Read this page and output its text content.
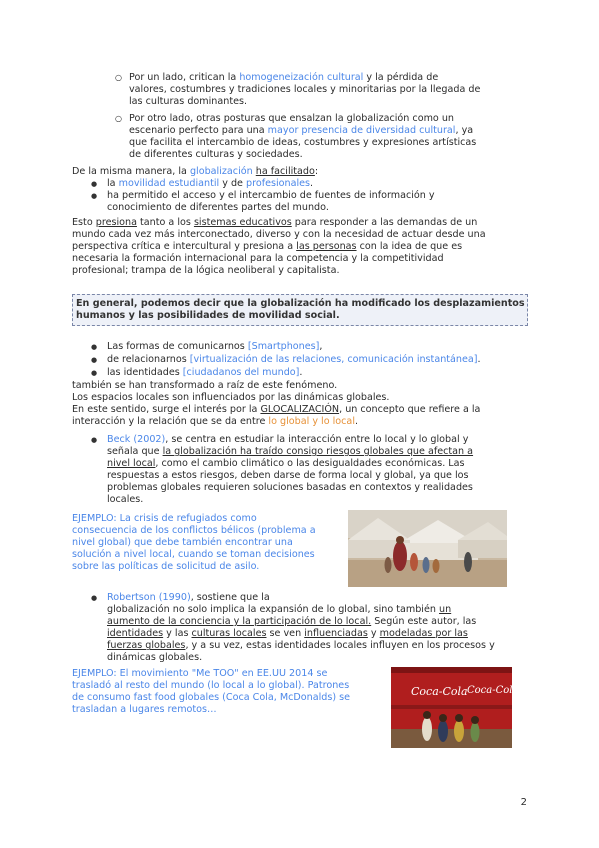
○ Por un lado, critican la homogeneización cultural y la pérdida de
valores, costumbres y tradiciones locales y minoritarias por la llegada de
las culturas dominantes.
○ Por otro lado, otras posturas que ensalzan la globalización como un
escenario perfecto para una mayor presencia de diversidad cultural, ya
que facilita el intercambio de ideas, costumbres y expresiones artísticas
de diferentes culturas y sociedades.
De la misma manera, la globalización ha facilitado:
● la movilidad estudiantil y de profesionales.
● ha permitido el acceso y el intercambio de fuentes de información y
conocimiento de diferentes partes del mundo.
Esto presiona tanto a los sistemas educativos para responder a las demandas de un
mundo cada vez más interconectado, diverso y con la necesidad de actuar desde una
perspectiva crítica e intercultural y presiona a las personas con la idea de que es
necesaria la formación internacional para la competencia y la competitividad
profesional; trampa de la lógica neoliberal y capitalista.
En general, podemos decir que la globalización ha modificado los desplazamientos
humanos y las posibilidades de movilidad social.
● Las formas de comunicarnos [Smartphones],
● de relacionarnos [virtualización de las relaciones, comunicación instantánea].
● las identidades [ciudadanos del mundo].
también se han transformado a raíz de este fenómeno.
Los espacios locales son influenciados por las dinámicas globales.
En este sentido, surge el interés por la GLOCALIZACIÓN, un concepto que refiere a la
interacción y la relación que se da entre lo global y lo local.
● Beck (2002), se centra en estudiar la interacción entre lo local y lo global y
señala que la globalización ha traído consigo riesgos globales que afectan a
nivel local, como el cambio climático o las desigualdades económicas. Las
respuestas a estos riesgos, deben darse de forma local y global, ya que los
problemas globales requieren soluciones basadas en contextos y realidades
locales.
EJEMPLO: La crisis de refugiados como
consecuencia de los conflictos bélicos (problema a
nivel global) que debe también encontrar una
solución a nivel local, cuando se toman decisiones
sobre las políticas de solicitud de asilo.
● Robertson (1990), sostiene que la
globalización no solo implica la expansión de lo global, sino también un
aumento de la conciencia y la participación de lo local. Según este autor, las
identidades y las culturas locales se ven influenciadas y modeladas por las
fuerzas globales, y a su vez, estas identidades locales influyen en los procesos y
dinámicas globales.
EJEMPLO: El movimiento "Me TOO" en EE.UU 2014 se
trasladó al resto del mundo (lo local a lo global). Patrones
de consumo fast food globales (Coca Cola, McDonalds) se
trasladan a lugares remotos…
Coca-Cola Coca-Cola
2
